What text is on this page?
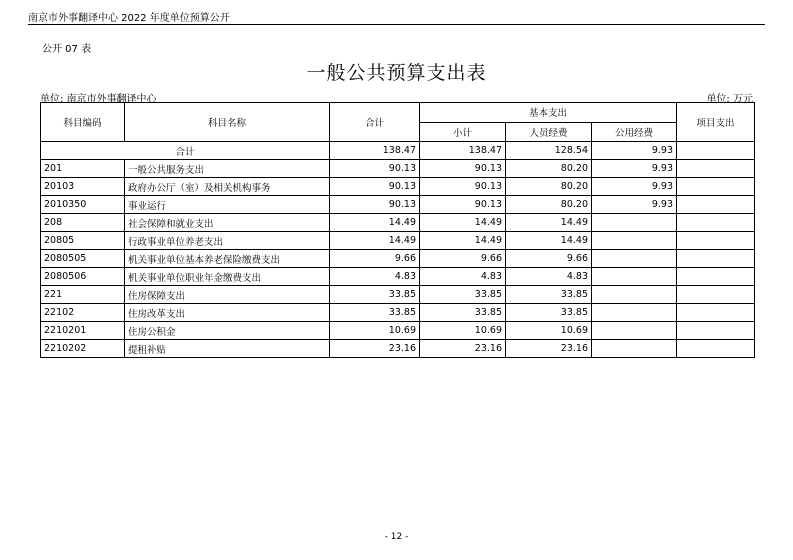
南京市外事翻译中心 2022 年度单位预算公开
公开 07 表
一般公共预算支出表
单位: 南京市外事翻译中心	单位: 万元
科目编码	科目名称	合计	基本支出			项目支出
			小计	人员经费	公用经费	
合计		138.47	138.47	128.54	9.93	
201	一般公共服务支出	90.13	90.13	80.20	9.93	
20103	政府办公厅（室）及相关机构事务	90.13	90.13	80.20	9.93	
2010350	事业运行	90.13	90.13	80.20	9.93	
208	社会保障和就业支出	14.49	14.49	14.49		
20805	行政事业单位养老支出	14.49	14.49	14.49		
2080505	机关事业单位基本养老保险缴费支出	9.66	9.66	9.66		
2080506	机关事业单位职业年金缴费支出	4.83	4.83	4.83		
221	住房保障支出	33.85	33.85	33.85		
22102	住房改革支出	33.85	33.85	33.85		
2210201	住房公积金	10.69	10.69	10.69		
2210202	提租补贴	23.16	23.16	23.16		
- 12 -
